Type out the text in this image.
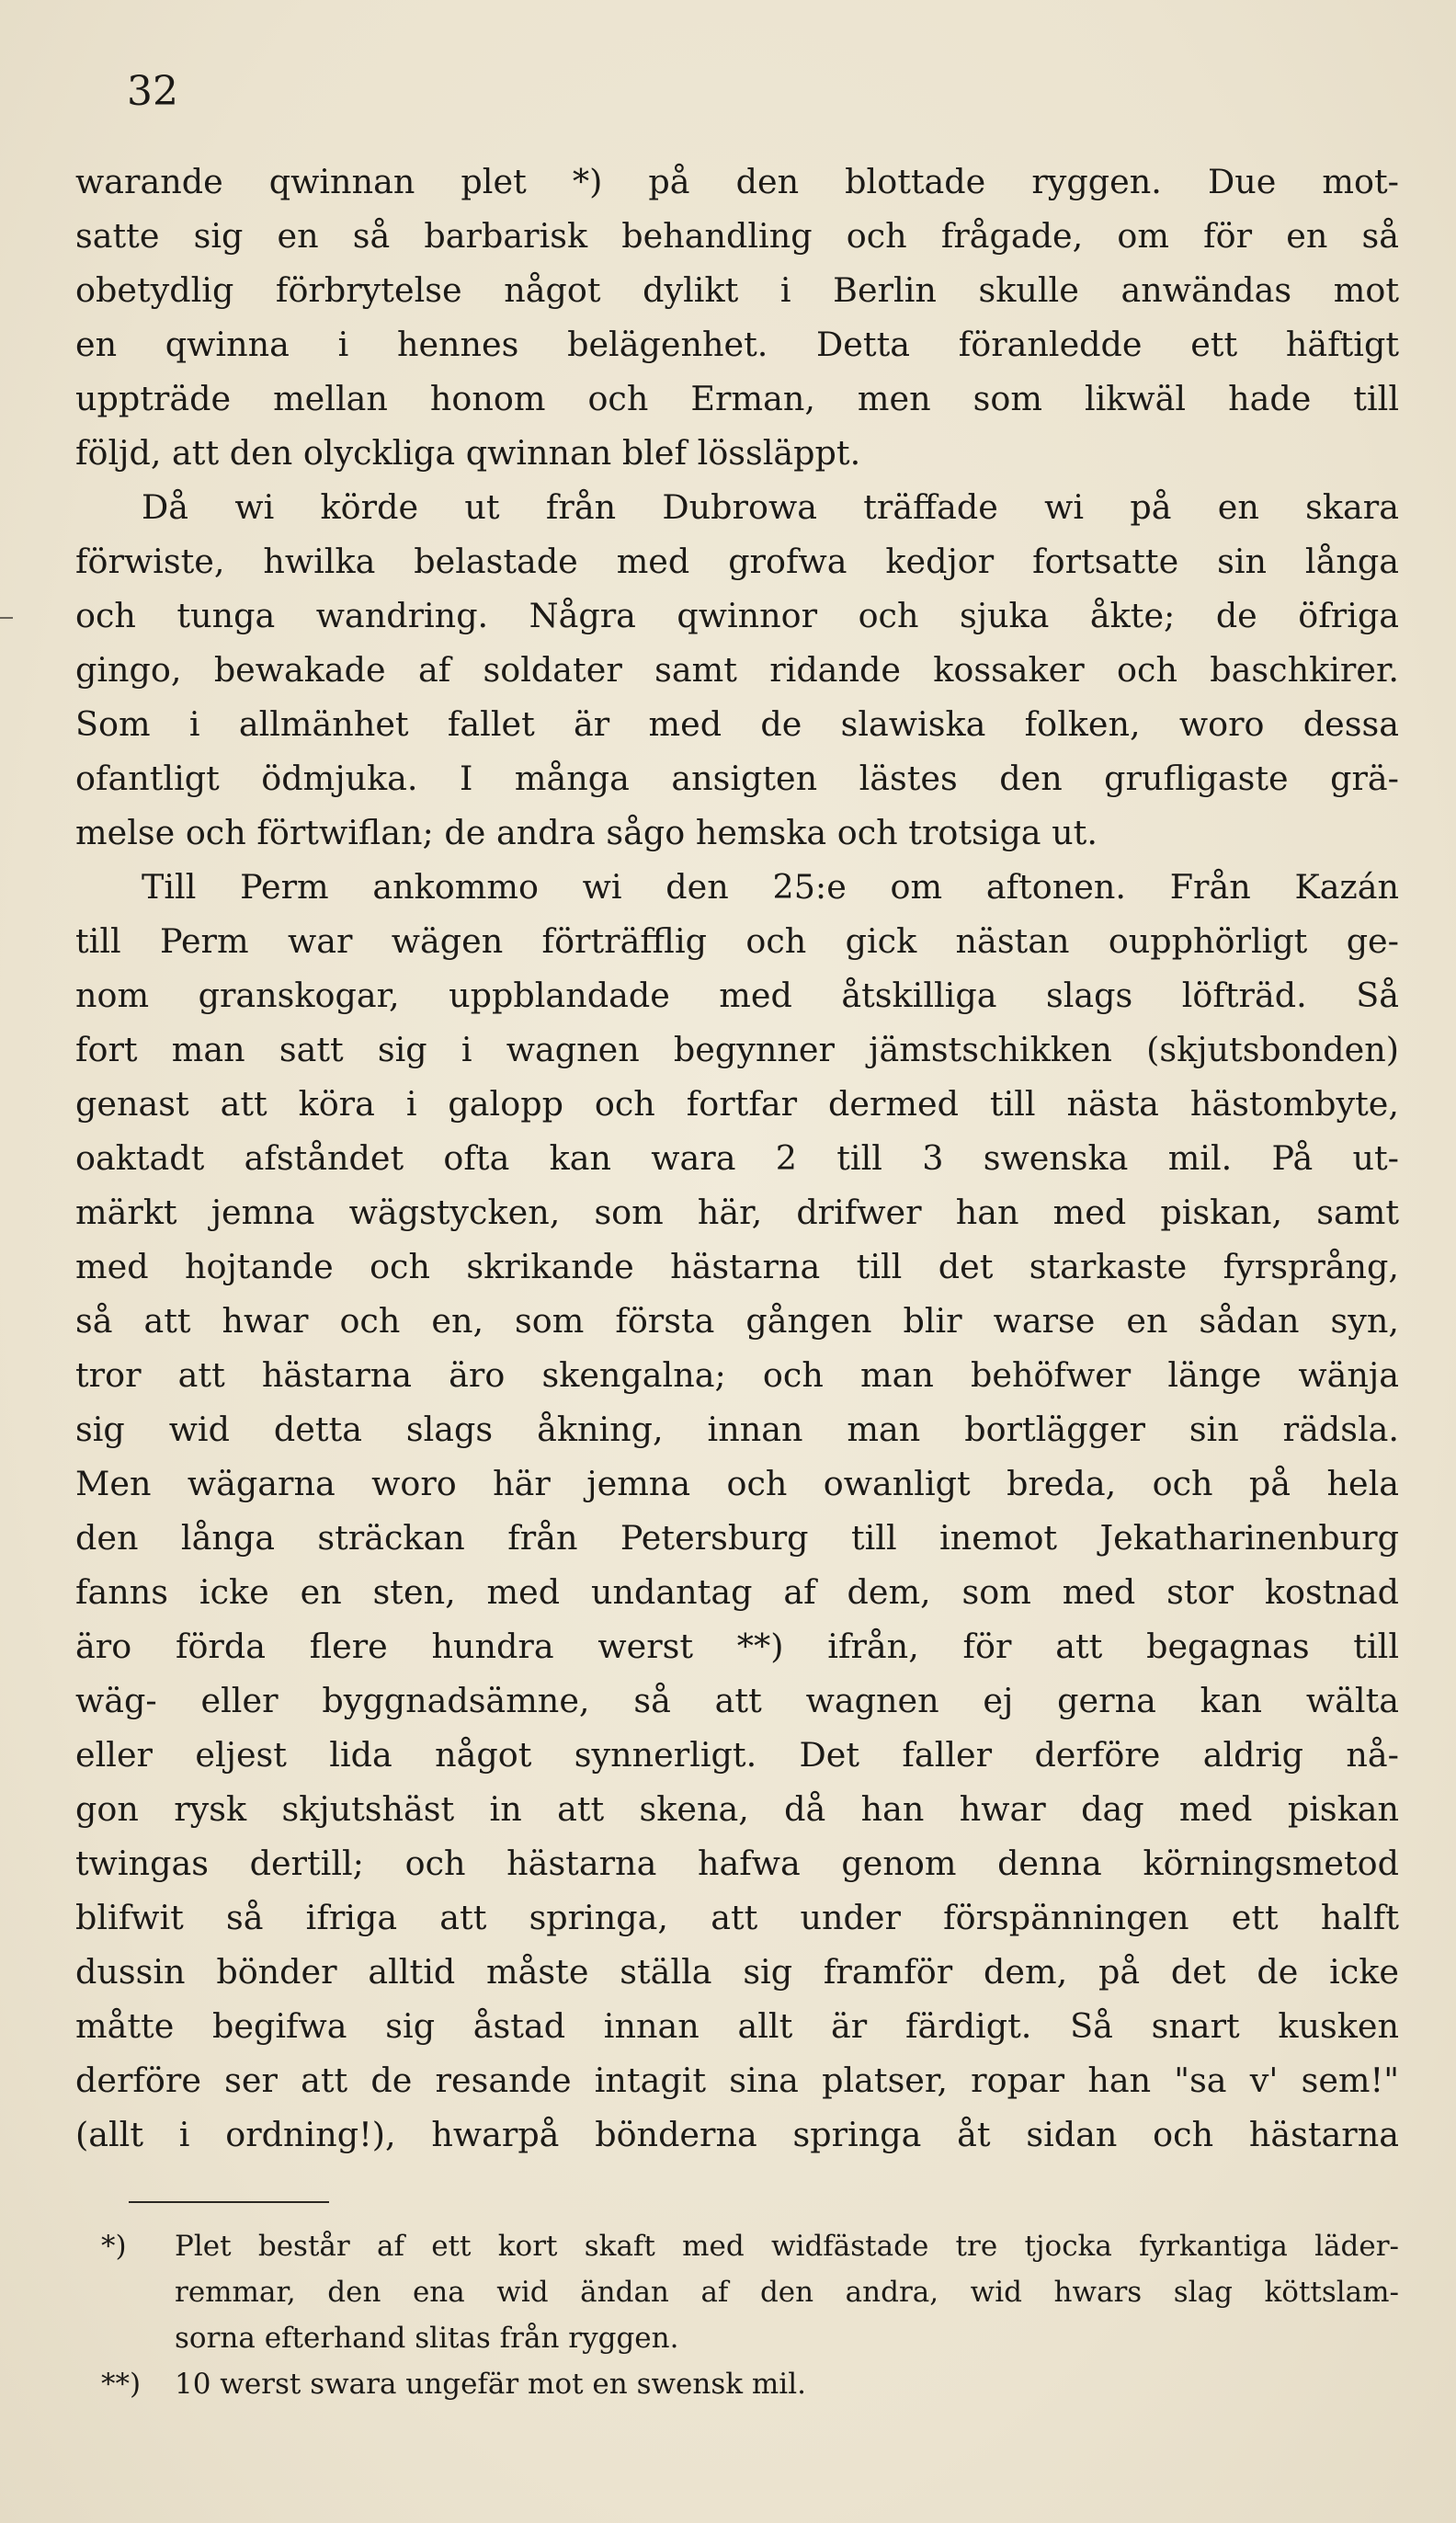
32
warande qwinnan plet *) på den blottade ryggen. Due mot-
satte sig en så barbarisk behandling och frågade, om för en så
obetydlig förbrytelse något dylikt i Berlin skulle anwändas mot
en qwinna i hennes belägenhet. Detta föranledde ett häftigt
uppträde mellan honom och Erman, men som likwäl hade till
följd, att den olyckliga qwinnan blef lössläppt.
Då wi körde ut från Dubrowa träffade wi på en skara
förwiste, hwilka belastade med grofwa kedjor fortsatte sin långa
och tunga wandring. Några qwinnor och sjuka åkte; de öfriga
gingo, bewakade af soldater samt ridande kossaker och baschkirer.
Som i allmänhet fallet är med de slawiska folken, woro dessa
ofantligt ödmjuka. I många ansigten lästes den grufligaste grä-
melse och förtwiflan; de andra sågo hemska och trotsiga ut.
Till Perm ankommo wi den 25:e om aftonen. Från Kazán
till Perm war wägen förträfflig och gick nästan oupphörligt ge-
nom granskogar, uppblandade med åtskilliga slags löfträd. Så
fort man satt sig i wagnen begynner jämstschikken (skjutsbonden)
genast att köra i galopp och fortfar dermed till nästa hästombyte,
oaktadt afståndet ofta kan wara 2 till 3 swenska mil. På ut-
märkt jemna wägstycken, som här, drifwer han med piskan, samt
med hojtande och skrikande hästarna till det starkaste fyrsprång,
så att hwar och en, som första gången blir warse en sådan syn,
tror att hästarna äro skengalna; och man behöfwer länge wänja
sig wid detta slags åkning, innan man bortlägger sin rädsla.
Men wägarna woro här jemna och owanligt breda, och på hela
den långa sträckan från Petersburg till inemot Jekatharinenburg
fanns icke en sten, med undantag af dem, som med stor kostnad
äro förda flere hundra werst **) ifrån, för att begagnas till
wäg- eller byggnadsämne, så att wagnen ej gerna kan wälta
eller eljest lida något synnerligt. Det faller derföre aldrig nå-
gon rysk skjutshäst in att skena, då han hwar dag med piskan
twingas dertill; och hästarna hafwa genom denna körningsmetod
blifwit så ifriga att springa, att under förspänningen ett halft
dussin bönder alltid måste ställa sig framför dem, på det de icke
måtte begifwa sig åstad innan allt är färdigt. Så snart kusken
derföre ser att de resande intagit sina platser, ropar han "sa v' sem!"
(allt i ordning!), hwarpå bönderna springa åt sidan och hästarna
*) Plet består af ett kort skaft med widfästade tre tjocka fyrkantiga läder-
remmar, den ena wid ändan af den andra, wid hwars slag köttslam-
sorna efterhand slitas från ryggen.
**) 10 werst swara ungefär mot en swensk mil.
